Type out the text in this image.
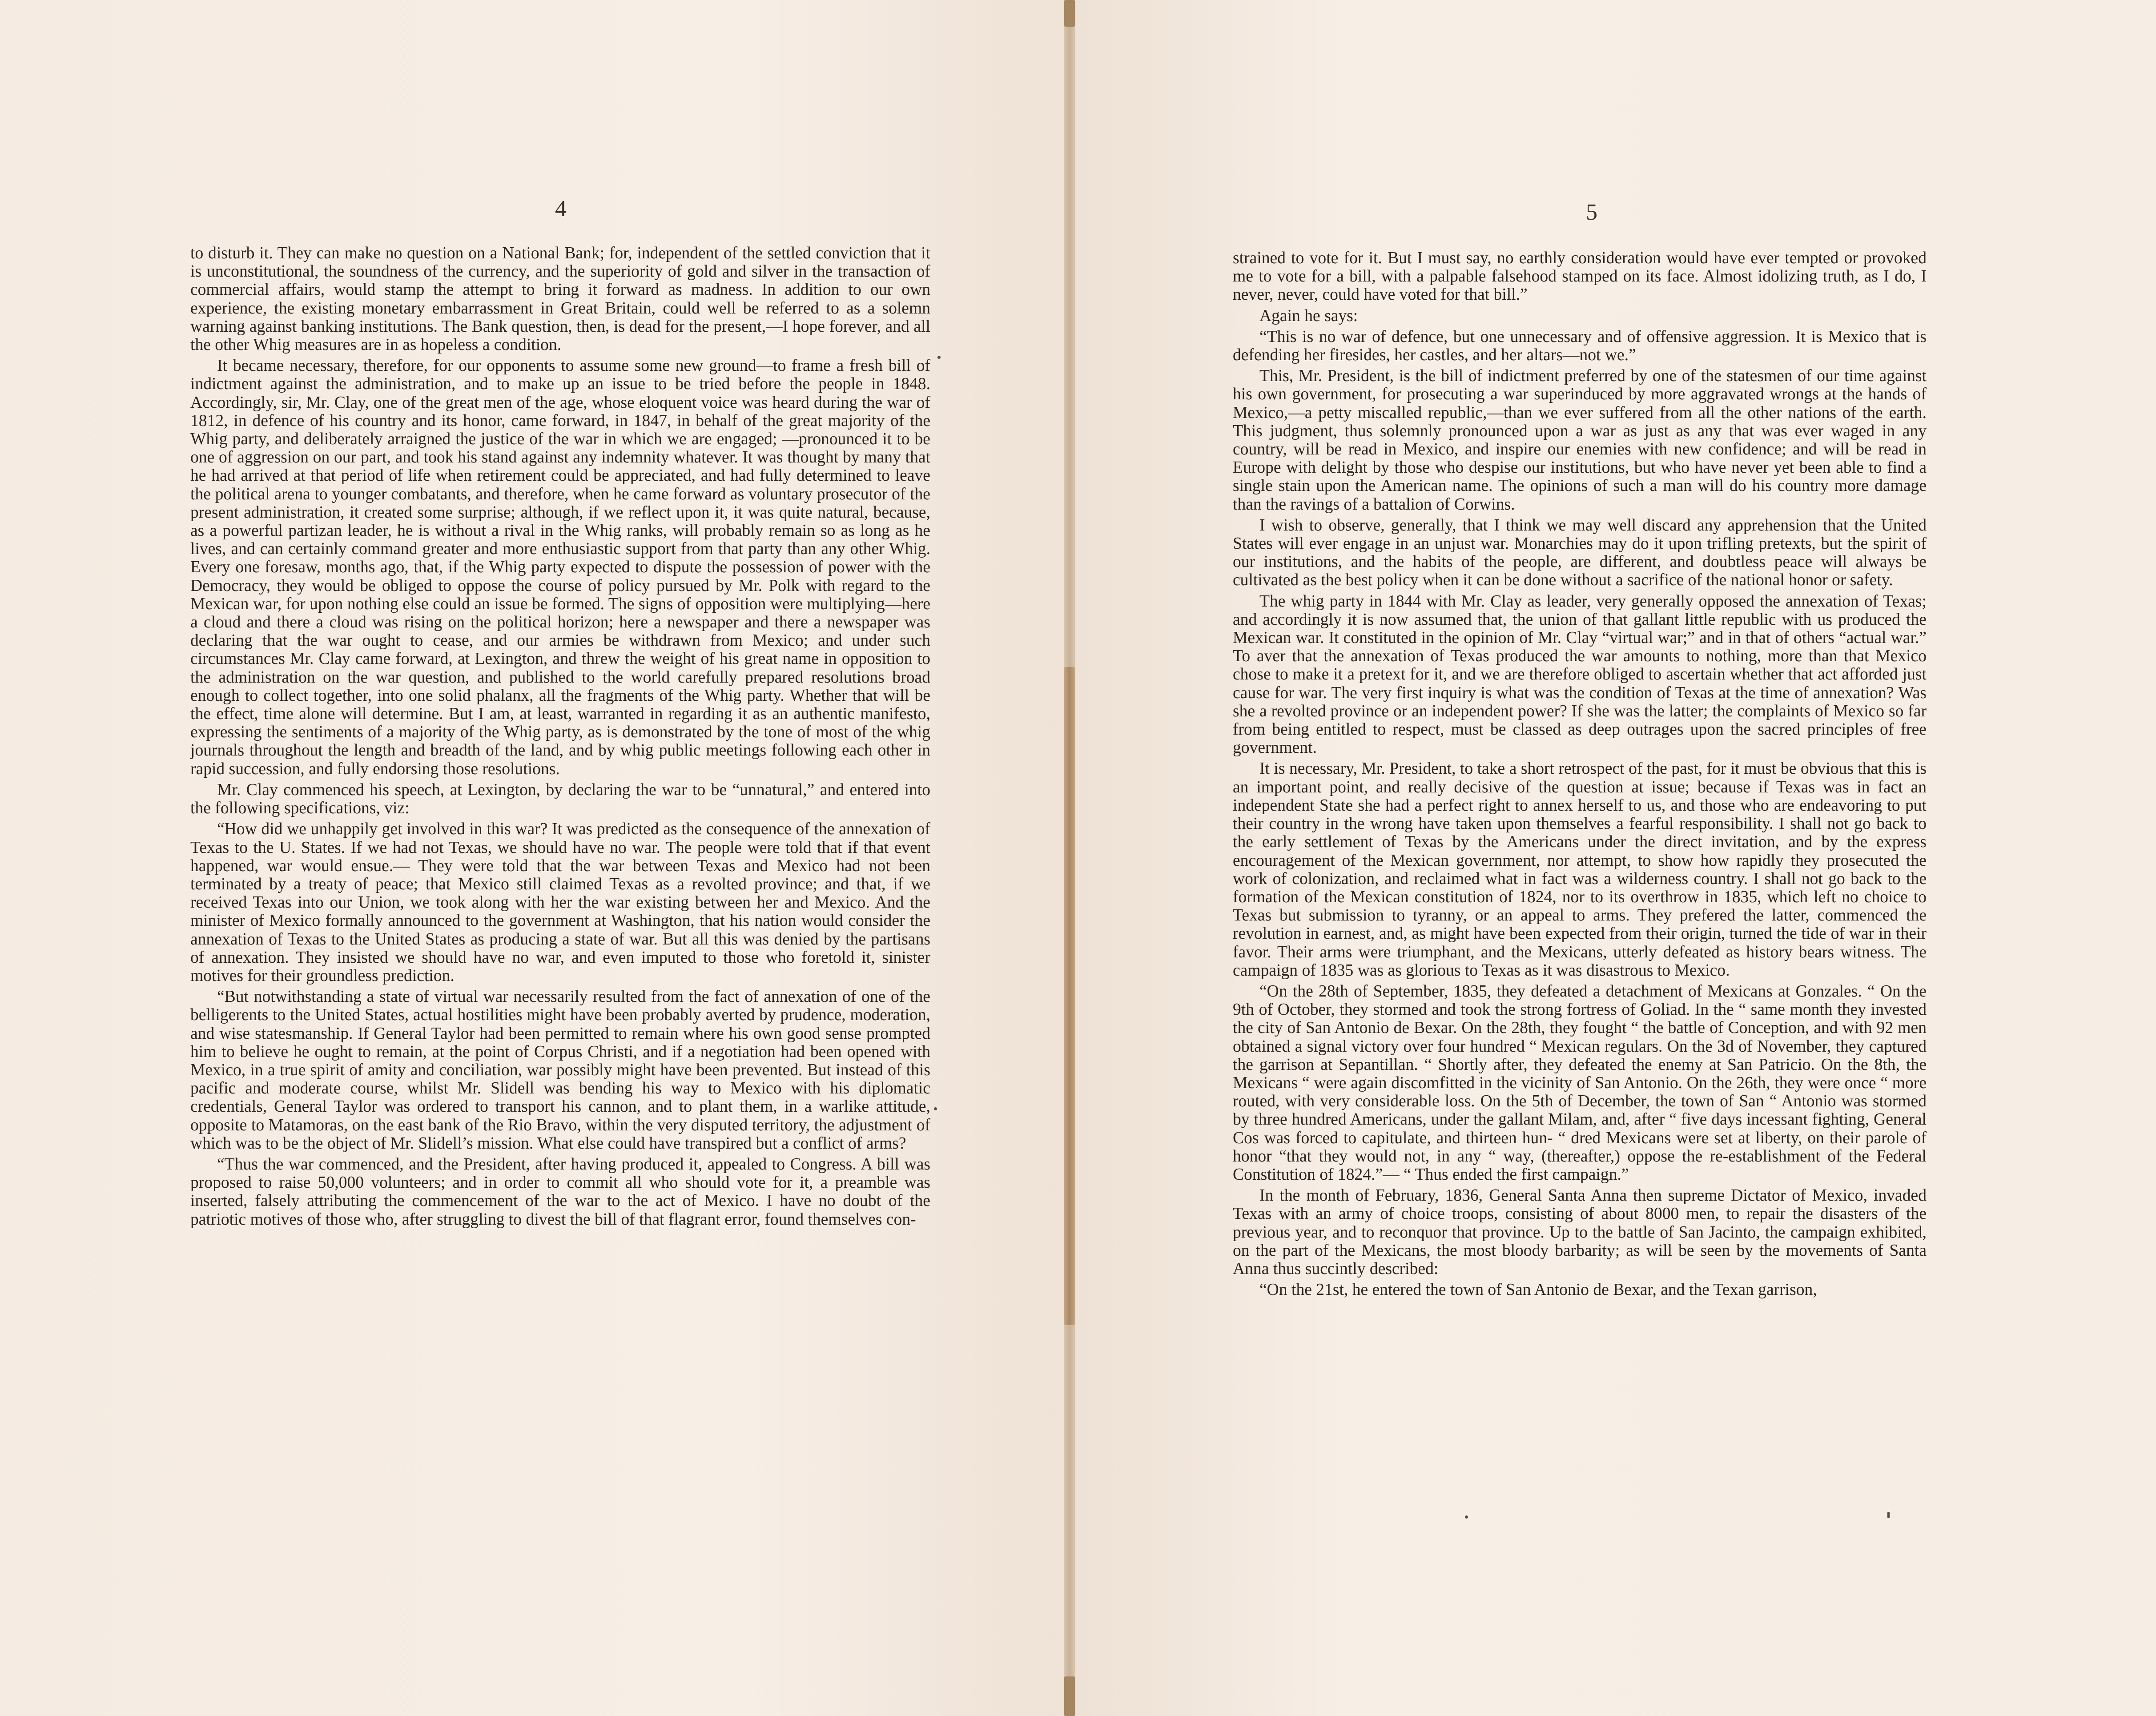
4

to disturb it. They can make no question on a National Bank; for, independent of the settled conviction that it is unconstitutional, the soundness of the currency, and the superiority of gold and silver in the transaction of commercial affairs, would stamp the attempt to bring it forward as madness. In addition to our own experience, the existing monetary embarrassment in Great Britain, could well be referred to as a solemn warning against banking institutions. The Bank question, then, is dead for the present,—I hope forever, and all the other Whig measures are in as hopeless a condition.

It became necessary, therefore, for our opponents to assume some new ground—to frame a fresh bill of indictment against the administration, and to make up an issue to be tried before the people in 1848. Accordingly, sir, Mr. Clay, one of the great men of the age, whose eloquent voice was heard during the war of 1812, in defence of his country and its honor, came forward, in 1847, in behalf of the great majority of the Whig party, and deliberately arraigned the justice of the war in which we are engaged; —pronounced it to be one of aggression on our part, and took his stand against any indemnity whatever. It was thought by many that he had arrived at that period of life when retirement could be appreciated, and had fully determined to leave the political arena to younger combatants, and therefore, when he came forward as voluntary prosecutor of the present administration, it created some surprise; although, if we reflect upon it, it was quite natural, because, as a powerful partizan leader, he is without a rival in the Whig ranks, will probably remain so as long as he lives, and can certainly command greater and more enthusiastic support from that party than any other Whig. Every one foresaw, months ago, that, if the Whig party expected to dispute the possession of power with the Democracy, they would be obliged to oppose the course of policy pursued by Mr. Polk with regard to the Mexican war, for upon nothing else could an issue be formed. The signs of opposition were multiplying—here a cloud and there a cloud was rising on the political horizon; here a newspaper and there a newspaper was declaring that the war ought to cease, and our armies be withdrawn from Mexico; and under such circumstances Mr. Clay came forward, at Lexington, and threw the weight of his great name in opposition to the administration on the war question, and published to the world carefully prepared resolutions broad enough to collect together, into one solid phalanx, all the fragments of the Whig party. Whether that will be the effect, time alone will determine. But I am, at least, warranted in regarding it as an authentic manifesto, expressing the sentiments of a majority of the Whig party, as is demonstrated by the tone of most of the whig journals throughout the length and breadth of the land, and by whig public meetings following each other in rapid succession, and fully endorsing those resolutions.

Mr. Clay commenced his speech, at Lexington, by declaring the war to be “unnatural,” and entered into the following specifications, viz:

“How did we unhappily get involved in this war? It was predicted as the consequence of the annexation of Texas to the U. States. If we had not Texas, we should have no war. The people were told that if that event happened, war would ensue.— They were told that the war between Texas and Mexico had not been terminated by a treaty of peace; that Mexico still claimed Texas as a revolted province; and that, if we received Texas into our Union, we took along with her the war existing between her and Mexico. And the minister of Mexico formally announced to the government at Washington, that his nation would consider the annexation of Texas to the United States as producing a state of war. But all this was denied by the partisans of annexation. They insisted we should have no war, and even imputed to those who foretold it, sinister motives for their groundless prediction.

“But notwithstanding a state of virtual war necessarily resulted from the fact of annexation of one of the belligerents to the United States, actual hostilities might have been probably averted by prudence, moderation, and wise statesmanship. If General Taylor had been permitted to remain where his own good sense prompted him to believe he ought to remain, at the point of Corpus Christi, and if a negotiation had been opened with Mexico, in a true spirit of amity and conciliation, war possibly might have been prevented. But instead of this pacific and moderate course, whilst Mr. Slidell was bending his way to Mexico with his diplomatic credentials, General Taylor was ordered to transport his cannon, and to plant them, in a warlike attitude, opposite to Matamoras, on the east bank of the Rio Bravo, within the very disputed territory, the adjustment of which was to be the object of Mr. Slidell’s mission. What else could have transpired but a conflict of arms?

“Thus the war commenced, and the President, after having produced it, appealed to Congress. A bill was proposed to raise 50,000 volunteers; and in order to commit all who should vote for it, a preamble was inserted, falsely attributing the commencement of the war to the act of Mexico. I have no doubt of the patriotic motives of those who, after struggling to divest the bill of that flagrant error, found themselves con-

5

strained to vote for it. But I must say, no earthly consideration would have ever tempted or provoked me to vote for a bill, with a palpable falsehood stamped on its face. Almost idolizing truth, as I do, I never, never, could have voted for that bill.”

Again he says:

“This is no war of defence, but one unnecessary and of offensive aggression. It is Mexico that is defending her firesides, her castles, and her altars—not we.”

This, Mr. President, is the bill of indictment preferred by one of the statesmen of our time against his own government, for prosecuting a war superinduced by more aggravated wrongs at the hands of Mexico,—a petty miscalled republic,—than we ever suffered from all the other nations of the earth. This judgment, thus solemnly pronounced upon a war as just as any that was ever waged in any country, will be read in Mexico, and inspire our enemies with new confidence; and will be read in Europe with delight by those who despise our institutions, but who have never yet been able to find a single stain upon the American name. The opinions of such a man will do his country more damage than the ravings of a battalion of Corwins.

I wish to observe, generally, that I think we may well discard any apprehension that the United States will ever engage in an unjust war. Monarchies may do it upon trifling pretexts, but the spirit of our institutions, and the habits of the people, are different, and doubtless peace will always be cultivated as the best policy when it can be done without a sacrifice of the national honor or safety.

The whig party in 1844 with Mr. Clay as leader, very generally opposed the annexation of Texas; and accordingly it is now assumed that, the union of that gallant little republic with us produced the Mexican war. It constituted in the opinion of Mr. Clay “virtual war;” and in that of others “actual war.” To aver that the annexation of Texas produced the war amounts to nothing, more than that Mexico chose to make it a pretext for it, and we are therefore obliged to ascertain whether that act afforded just cause for war. The very first inquiry is what was the condition of Texas at the time of annexation? Was she a revolted province or an independent power? If she was the latter; the complaints of Mexico so far from being entitled to respect, must be classed as deep outrages upon the sacred principles of free government.

It is necessary, Mr. President, to take a short retrospect of the past, for it must be obvious that this is an important point, and really decisive of the question at issue; because if Texas was in fact an independent State she had a perfect right to annex herself to us, and those who are endeavoring to put their country in the wrong have taken upon themselves a fearful responsibility. I shall not go back to the early settlement of Texas by the Americans under the direct invitation, and by the express encouragement of the Mexican government, nor attempt, to show how rapidly they prosecuted the work of colonization, and reclaimed what in fact was a wilderness country. I shall not go back to the formation of the Mexican constitution of 1824, nor to its overthrow in 1835, which left no choice to Texas but submission to tyranny, or an appeal to arms. They prefered the latter, commenced the revolution in earnest, and, as might have been expected from their origin, turned the tide of war in their favor. Their arms were triumphant, and the Mexicans, utterly defeated as history bears witness. The campaign of 1835 was as glorious to Texas as it was disastrous to Mexico.

“On the 28th of September, 1835, they defeated a detachment of Mexicans at Gonzales. “ On the 9th of October, they stormed and took the strong fortress of Goliad. In the “ same month they invested the city of San Antonio de Bexar. On the 28th, they fought “ the battle of Conception, and with 92 men obtained a signal victory over four hundred “ Mexican regulars. On the 3d of November, they captured the garrison at Sepantillan. “ Shortly after, they defeated the enemy at San Patricio. On the 8th, the Mexicans “ were again discomfitted in the vicinity of San Antonio. On the 26th, they were once “ more routed, with very considerable loss. On the 5th of December, the town of San “ Antonio was stormed by three hundred Americans, under the gallant Milam, and, after “ five days incessant fighting, General Cos was forced to capitulate, and thirteen hun- “ dred Mexicans were set at liberty, on their parole of honor “that they would not, in any “ way, (thereafter,) oppose the re-establishment of the Federal Constitution of 1824.”— “ Thus ended the first campaign.”

In the month of February, 1836, General Santa Anna then supreme Dictator of Mexico, invaded Texas with an army of choice troops, consisting of about 8000 men, to repair the disasters of the previous year, and to reconquor that province. Up to the battle of San Jacinto, the campaign exhibited, on the part of the Mexicans, the most bloody barbarity; as will be seen by the movements of Santa Anna thus succintly described:

“On the 21st, he entered the town of San Antonio de Bexar, and the Texan garrison,
